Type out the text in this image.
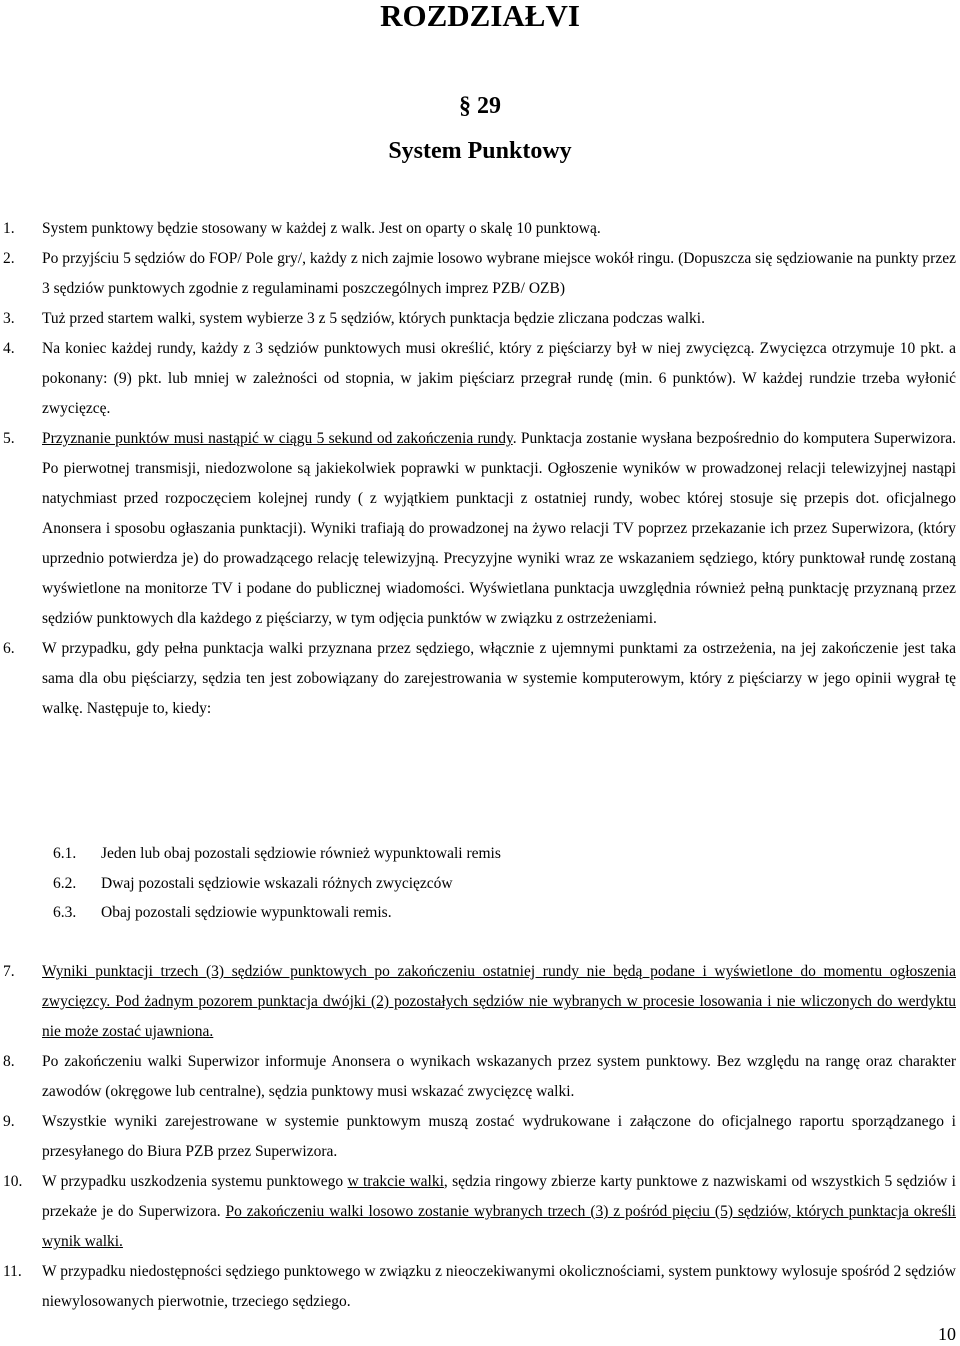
ROZDZIAŁVI
§ 29
System Punktowy
1. System punktowy będzie stosowany w każdej z walk. Jest on oparty o skalę 10 punktową.
2. Po przyjściu 5 sędziów do FOP/ Pole gry/, każdy z nich zajmie losowo wybrane miejsce wokół ringu. (Dopuszcza się sędziowanie na punkty przez 3 sędziów punktowych zgodnie z regulaminami poszczególnych imprez PZB/ OZB)
3. Tuż przed startem walki, system wybierze 3 z 5 sędziów, których punktacja będzie zliczana podczas walki.
4. Na koniec każdej rundy, każdy z 3 sędziów punktowych musi określić, który z pięściarzy był w niej zwycięzcą. Zwycięzca otrzymuje 10 pkt. a pokonany: (9) pkt. lub mniej w zależności od stopnia, w jakim pięściarz przegrał rundę (min. 6 punktów). W każdej rundzie trzeba wyłonić zwycięzcę.
5. Przyznanie punktów musi nastąpić w ciągu 5 sekund od zakończenia rundy. Punktacja zostanie wysłana bezpośrednio do komputera Superwizora. Po pierwotnej transmisji, niedozwolone są jakiekolwiek poprawki w punktacji. Ogłoszenie wyników w prowadzonej relacji telewizyjnej nastąpi natychmiast przed rozpoczęciem kolejnej rundy ( z wyjątkiem punktacji z ostatniej rundy, wobec której stosuje się przepis dot. oficjalnego Anonsera i sposobu ogłaszania punktacji). Wyniki trafiają do prowadzonej na żywo relacji TV poprzez przekazanie ich przez Superwizora, (który uprzednio potwierdza je) do prowadzącego relację telewizyjną. Precyzyjne wyniki wraz ze wskazaniem sędziego, który punktował rundę zostaną wyświetlone na monitorze TV i podane do publicznej wiadomości. Wyświetlana punktacja uwzględnia również pełną punktację przyznaną przez sędziów punktowych dla każdego z pięściarzy, w tym odjęcia punktów w związku z ostrzeżeniami.
6. W przypadku, gdy pełna punktacja walki przyznana przez sędziego, włącznie z ujemnymi punktami za ostrzeżenia, na jej zakończenie jest taka sama dla obu pięściarzy, sędzia ten jest zobowiązany do zarejestrowania w systemie komputerowym, który z pięściarzy w jego opinii wygrał tę walkę. Następuje to, kiedy:
6.1. Jeden lub obaj pozostali sędziowie również wypunktowali remis
6.2. Dwaj pozostali sędziowie wskazali różnych zwycięzców
6.3. Obaj pozostali sędziowie wypunktowali remis.
7. Wyniki punktacji trzech (3) sędziów punktowych po zakończeniu ostatniej rundy nie będą podane i wyświetlone do momentu ogłoszenia zwycięzcy. Pod żadnym pozorem punktacja dwójki (2) pozostałych sędziów nie wybranych w procesie losowania i nie wliczonych do werdyktu nie może zostać ujawniona.
8. Po zakończeniu walki Superwizor informuje Anonsera o wynikach wskazanych przez system punktowy. Bez względu na rangę oraz charakter zawodów (okręgowe lub centralne), sędzia punktowy musi wskazać zwycięzcę walki.
9. Wszystkie wyniki zarejestrowane w systemie punktowym muszą zostać wydrukowane i załączone do oficjalnego raportu sporządzanego i przesyłanego do Biura PZB przez Superwizora.
10. W przypadku uszkodzenia systemu punktowego w trakcie walki, sędzia ringowy zbierze karty punktowe z nazwiskami od wszystkich 5 sędziów i przekaże je do Superwizora. Po zakończeniu walki losowo zostanie wybranych trzech (3) z pośród pięciu (5) sędziów, których punktacja określi wynik walki.
11. W przypadku niedostępności sędziego punktowego w związku z nieoczekiwanymi okolicznościami, system punktowy wylosuje spośród 2 sędziów niewylosowanych pierwotnie, trzeciego sędziego.
10
